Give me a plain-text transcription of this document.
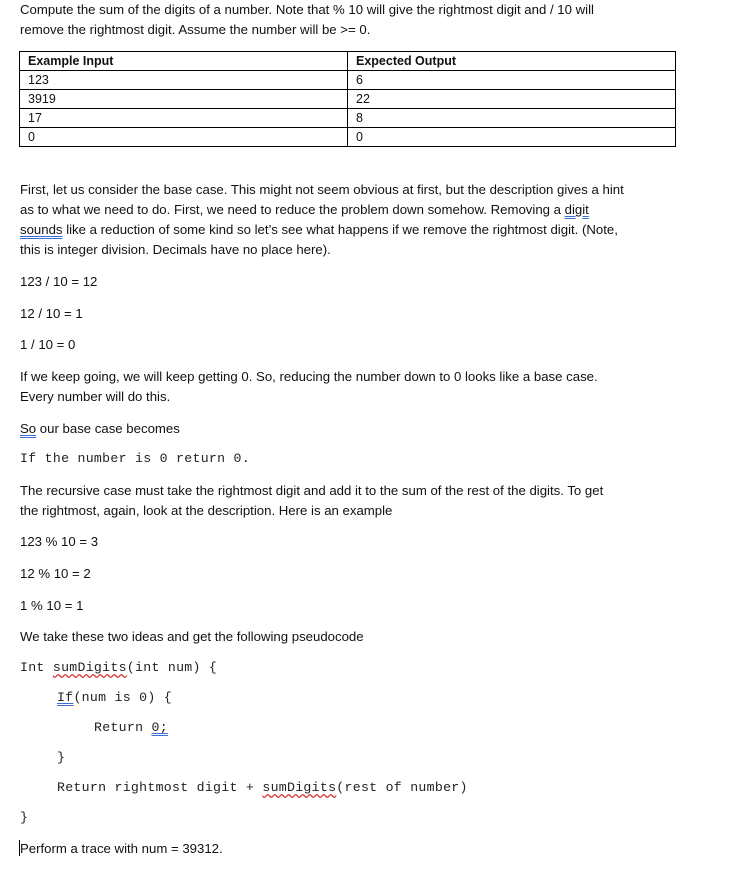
Compute the sum of the digits of a number. Note that % 10 will give the rightmost digit and / 10 will

remove the rightmost digit. Assume the number will be >= 0.

Example Input	Expected Output
123	6
3919	22
17	8
0	0

First, let us consider the base case. This might not seem obvious at first, but the description gives a hint

as to what we need to do. First, we need to reduce the problem down somehow. Removing a digit

sounds like a reduction of some kind so let’s see what happens if we remove the rightmost digit. (Note,

this is integer division. Decimals have no place here).

123 / 10 = 12

12 / 10 = 1

1 / 10 = 0

If we keep going, we will keep getting 0. So, reducing the number down to 0 looks like a base case.

Every number will do this.

So our base case becomes

If the number is 0 return 0.

The recursive case must take the rightmost digit and add it to the sum of the rest of the digits. To get

the rightmost, again, look at the description. Here is an example

123 % 10 = 3

12 % 10 = 2

1 % 10 = 1

We take these two ideas and get the following pseudocode

Int sumDigits(int num) {

If(num is 0) {

Return 0;

}

Return rightmost digit + sumDigits(rest of number)

}

Perform a trace with num = 39312.
